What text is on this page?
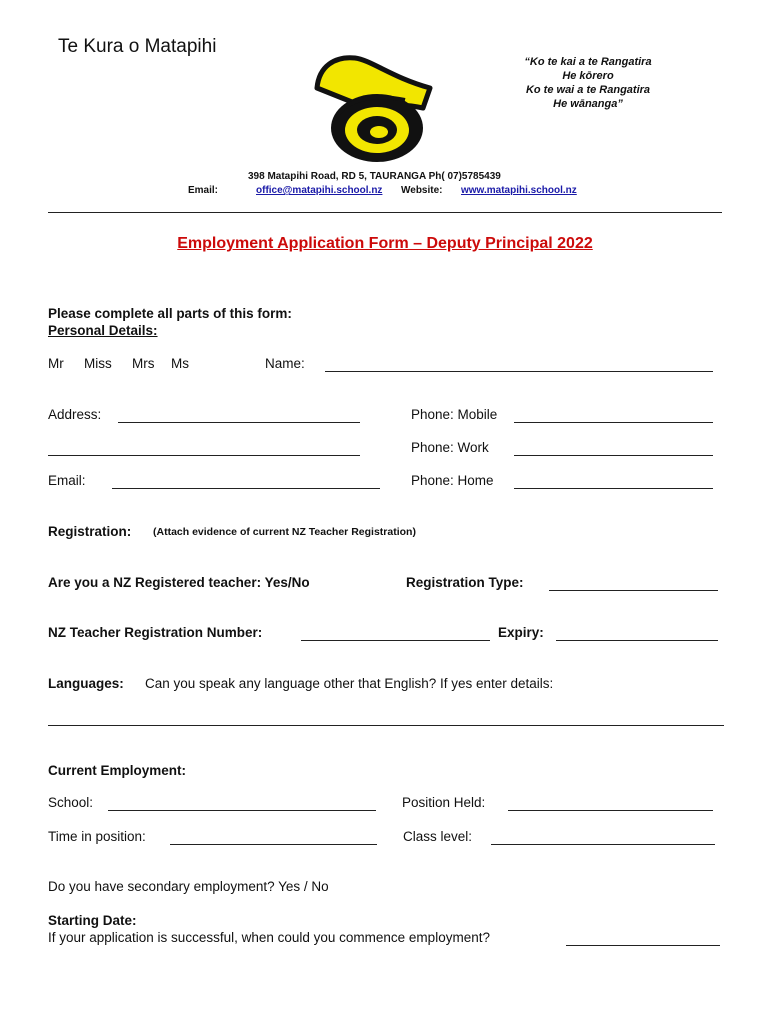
Te Kura o Matapihi
“Ko te kai a te Rangatira
He kōrero
Ko te wai a te Rangatira
He wānanga”
398 Matapihi Road, RD 5, TAURANGA Ph( 07)5785439
Email:	office@matapihi.school.nz Website: www.matapihi.school.nz
Employment Application Form – Deputy Principal 2022
Please complete all parts of this form:
Personal Details:
Mr Miss Mrs Ms	Name:
Address:	Phone: Mobile
Phone: Work
Email:	Phone: Home
Registration: (Attach evidence of current NZ Teacher Registration)
Are you a NZ Registered teacher: Yes/No	Registration Type:
NZ Teacher Registration Number:	Expiry:
Languages: Can you speak any language other that English? If yes enter details:
Current Employment:
School:	Position Held:
Time in position:	Class level:
Do you have secondary employment? Yes / No
Starting Date:
If your application is successful, when could you commence employment?
